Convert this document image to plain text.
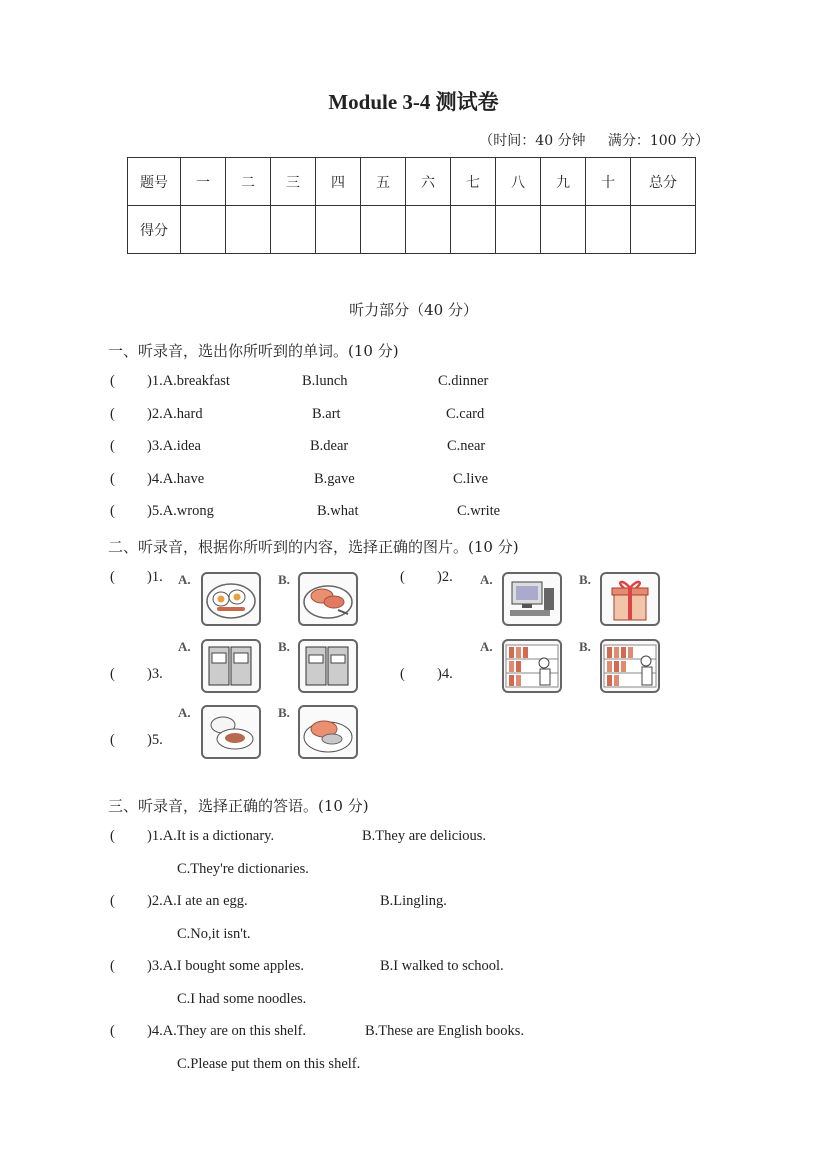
Module 3-4 测试卷
（时间：40 分钟 满分：100 分）
题号	一	二	三	四	五	六	七	八	九	十	总分
得分											
听力部分（40 分）
一、听录音，选出你所听到的单词。(10 分)
( )1.A.breakfast	B.lunch	C.dinner
( )2.A.hard	B.art	C.card
( )3.A.idea	B.dear	C.near
( )4.A.have	B.gave	C.live
( )5.A.wrong	B.what	C.write
二、听录音，根据你所听到的内容，选择正确的图片。(10 分)
( )1. A.	B.	( )2. A.	B.
( )3.
A.	B.
( )4.
A.	B.
( )5.
A.	B.
三、听录音，选择正确的答语。(10 分)
( )1.A.It is a dictionary.	B.They are delicious.
C.They're dictionaries.
( )2.A.I ate an egg.	B.Lingling.
C.No,it isn't.
( )3.A.I bought some apples.	B.I walked to school.
C.I had some noodles.
( )4.A.They are on this shelf.	B.These are English books.
C.Please put them on this shelf.
